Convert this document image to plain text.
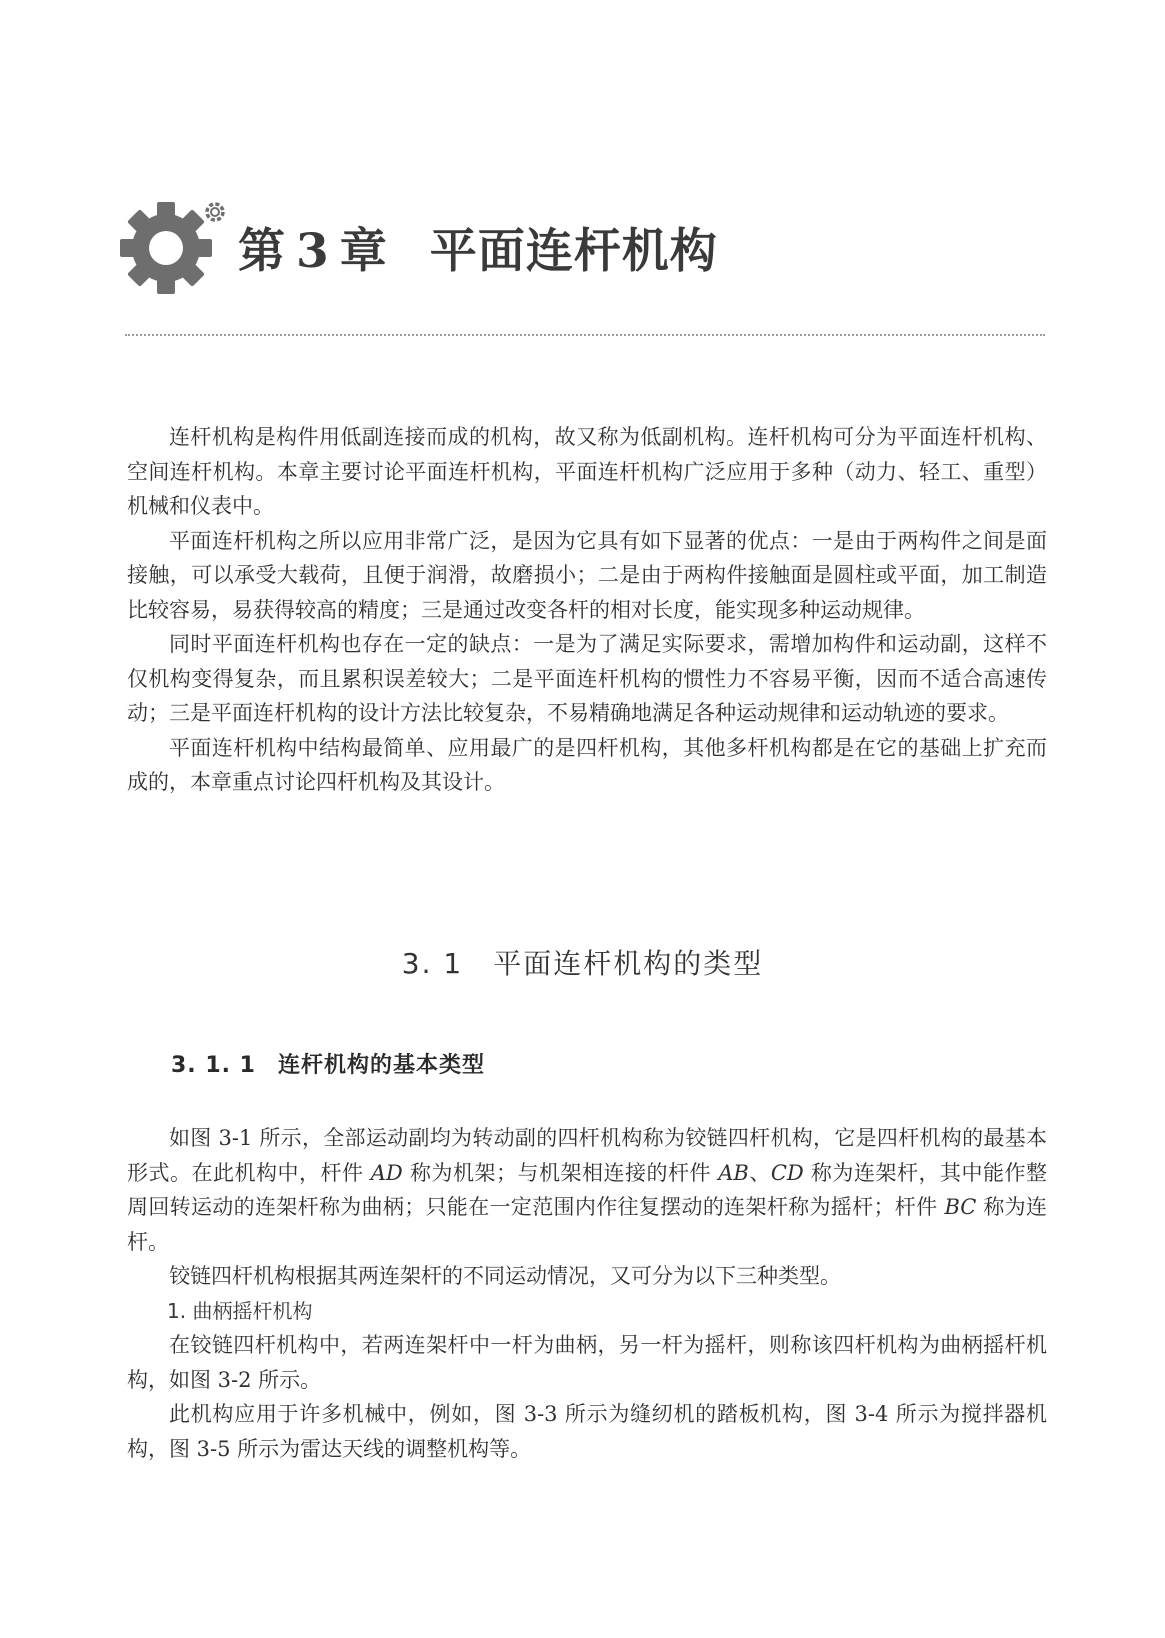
第 3 章 平面连杆机构

连杆机构是构件用低副连接而成的机构，故又称为低副机构。连杆机构可分为平面连杆机构、空间连杆机构。本章主要讨论平面连杆机构，平面连杆机构广泛应用于多种（动力、轻工、重型）机械和仪表中。

平面连杆机构之所以应用非常广泛，是因为它具有如下显著的优点：一是由于两构件之间是面接触，可以承受大载荷，且便于润滑，故磨损小；二是由于两构件接触面是圆柱或平面，加工制造比较容易，易获得较高的精度；三是通过改变各杆的相对长度，能实现多种运动规律。

同时平面连杆机构也存在一定的缺点：一是为了满足实际要求，需增加构件和运动副，这样不仅机构变得复杂，而且累积误差较大；二是平面连杆机构的惯性力不容易平衡，因而不适合高速传动；三是平面连杆机构的设计方法比较复杂，不易精确地满足各种运动规律和运动轨迹的要求。

平面连杆机构中结构最简单、应用最广的是四杆机构，其他多杆机构都是在它的基础上扩充而成的，本章重点讨论四杆机构及其设计。

3. 1 平面连杆机构的类型
3. 1. 1 连杆机构的基本类型

如图 3-1 所示，全部运动副均为转动副的四杆机构称为铰链四杆机构，它是四杆机构的最基本形式。在此机构中，杆件 AD 称为机架；与机架相连接的杆件 AB、CD 称为连架杆，其中能作整周回转运动的连架杆称为曲柄；只能在一定范围内作往复摆动的连架杆称为摇杆；杆件 BC 称为连杆。

铰链四杆机构根据其两连架杆的不同运动情况，又可分为以下三种类型。

1. 曲柄摇杆机构

在铰链四杆机构中，若两连架杆中一杆为曲柄，另一杆为摇杆，则称该四杆机构为曲柄摇杆机构，如图 3-2 所示。

此机构应用于许多机械中，例如，图 3-3 所示为缝纫机的踏板机构，图 3-4 所示为搅拌器机构，图 3-5 所示为雷达天线的调整机构等。
